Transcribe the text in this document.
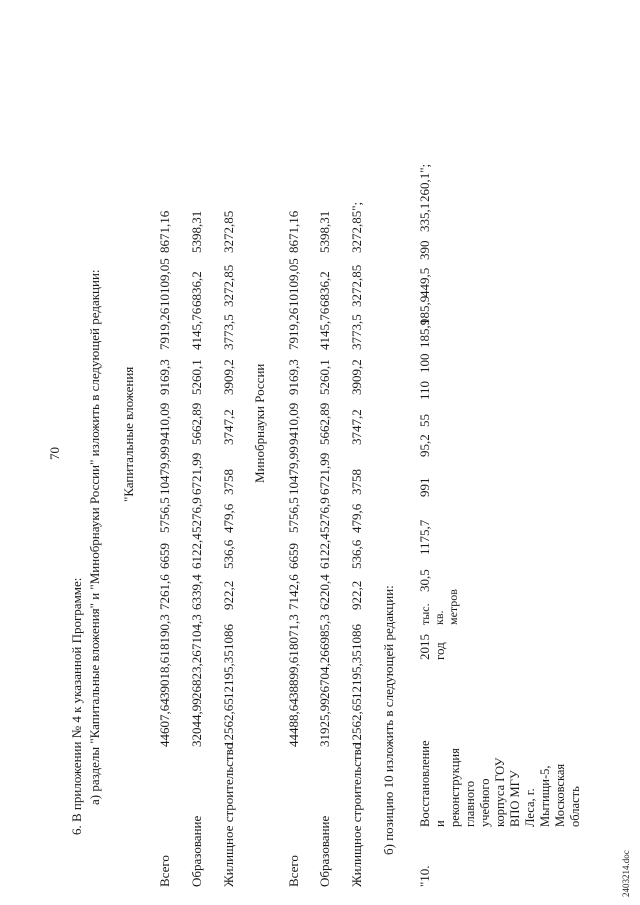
70
6. В приложении № 4 к указанной Программе: а) разделы "Капитальные вложения" и "Минобрнауки России" изложить в следующей редакции: "Капитальные вложения	Минобрнауки России
б) позицию 10 изложить в следующей редакции:
"10.
Восстановление и реконструкция главного учебного корпуса ГОУ ВПО МГУ Леса, г. Мытищи-5, Московская область
2015 год
тыс. кв. метров
2403214.doc
Всего
44607,64
39018,61
8190,3
7261,6
6659
5756,5
10479,99
9410,09
9169,3
7919,26
10109,05
8671,16
Образование
32044,99
26823,26
7104,3
6339,4
6122,4
5276,9
6721,99
5662,89
5260,1
4145,76
6836,2
5398,31
Жилищное строительство
12562,65
12195,35
1086
922,2
536,6
479,6
3758
3747,2
3909,2
3773,5
3272,85
3272,85
Всего
44488,64
38899,61
8071,3
7142,6
6659
5756,5
10479,99
9410,09
9169,3
7919,26
10109,05
8671,16
Образование
31925,99
26704,26
6985,3
6220,4
6122,4
5276,9
6721,99
5662,89
5260,1
4145,76
6836,2
5398,31
Жилищное строительство
12562,65
12195,35
1086
922,2
536,6
479,6
3758
3747,2
3909,2
3773,5
3272,85
3272,85";
30,5
1175,7
991
95,2
55
110
100
185,9
185,9
449,5
390
335,1
260,1";
